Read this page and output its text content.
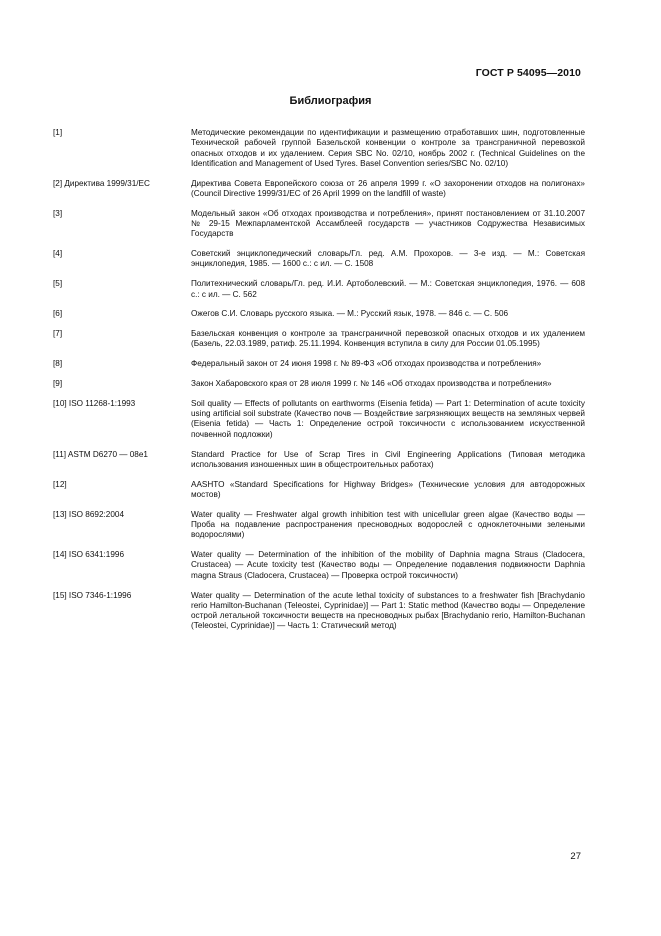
ГОСТ Р 54095—2010
Библиография
[1]	Методические рекомендации по идентификации и размещению отработавших шин, подготовленные Технической рабочей группой Базельской конвенции о контроле за трансграничной перевозкой опасных отходов и их удалением. Серия SBC No. 02/10, ноябрь 2002 г. (Technical Guidelines on the Identification and Management of Used Tyres. Basel Convention series/SBC No. 02/10)
[2] Директива 1999/31/ЕС	Директива Совета Европейского союза от 26 апреля 1999 г. «О захоронении отходов на полигонах» (Council Directive 1999/31/EC of 26 April 1999 on the landfill of waste)
[3]	Модельный закон «Об отходах производства и потребления», принят постановлением от 31.10.2007 № 29-15 Межпарламентской Ассамблеей государств — участников Содружества Независимых Государств
[4]	Советский энциклопедический словарь/Гл. ред. А.М. Прохоров. — 3-е изд. — М.: Советская энциклопедия, 1985. — 1600 с.: с ил. — С. 1508
[5]	Политехнический словарь/Гл. ред. И.И. Артоболевский. — М.: Советская энциклопедия, 1976. — 608 с.: с ил. — С. 562
[6]	Ожегов С.И. Словарь русского языка. — М.: Русский язык, 1978. — 846 с. — С. 506
[7]	Базельская конвенция о контроле за трансграничной перевозкой опасных отходов и их удалением (Базель, 22.03.1989, ратиф. 25.11.1994. Конвенция вступила в силу для России 01.05.1995)
[8]	Федеральный закон от 24 июня 1998 г. № 89-ФЗ «Об отходах производства и потребления»
[9]	Закон Хабаровского края от 28 июля 1999 г. № 146 «Об отходах производства и потребления»
[10] ISO 11268-1:1993	Soil quality — Effects of pollutants on earthworms (Eisenia fetida) — Part 1: Determination of acute toxicity using artificial soil substrate (Качество почв — Воздействие загрязняющих веществ на земляных червей (Eisenia fetida) — Часть 1: Определение острой токсичности с использованием искусственной почвенной подложки)
[11] ASTM D6270 — 08e1	Standard Practice for Use of Scrap Tires in Civil Engineering Applications (Типовая методика использования изношенных шин в общестроительных работах)
[12]	AASHTO «Standard Specifications for Highway Bridges» (Технические условия для автодорожных мостов)
[13] ISO 8692:2004	Water quality — Freshwater algal growth inhibition test with unicellular green algae (Качество воды — Проба на подавление распространения пресноводных водорослей с одноклеточными зелеными водорослями)
[14] ISO 6341:1996	Water quality — Determination of the inhibition of the mobility of Daphnia magna Straus (Cladocera, Crustacea) — Acute toxicity test (Качество воды — Определение подавления подвижности Daphnia magna Straus (Cladocera, Crustacea) — Проверка острой токсичности)
[15] ISO 7346-1:1996	Water quality — Determination of the acute lethal toxicity of substances to a freshwater fish [Brachydanio rerio Hamilton-Buchanan (Teleostei, Cyprinidae)] — Part 1: Static method (Качество воды — Определение острой летальной токсичности веществ на пресноводных рыбах [Brachydanio rerio, Hamilton-Buchanan (Teleostei, Cyprinidae)] — Часть 1: Статический метод)
27
